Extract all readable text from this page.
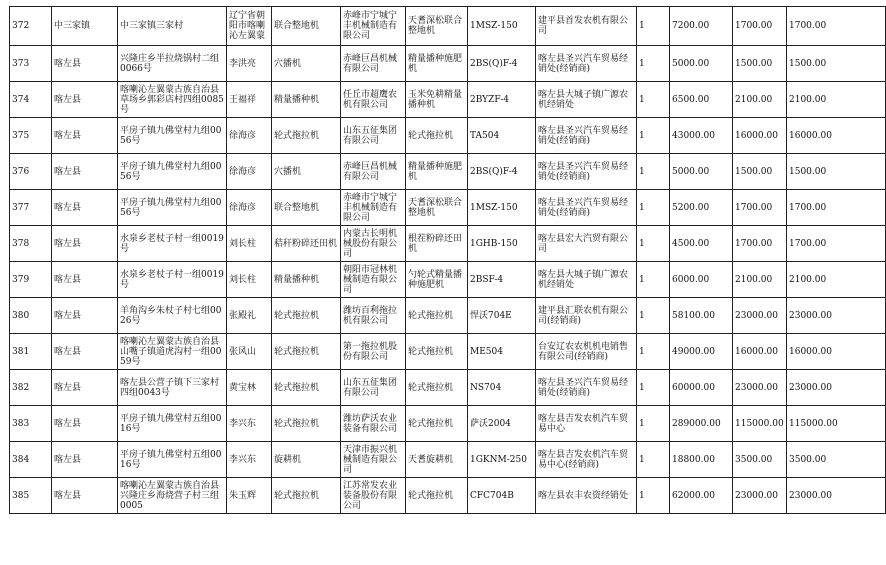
372	中三家镇	中三家镇三家村	辽宁省朝阳市喀喇沁左翼蒙	联合整地机	赤峰市宁城宁丰机械制造有限公司	天耆深松联合整地机	1MSZ-150	建平县首发农机有限公司	1	7200.00	1700.00	1700.00
373	喀左县	兴隆庄乡半拉烧锅村二组0066号	李洪亮	穴播机	赤峰巨昌机械有限公司	精量播种施肥机	2BS(Q)F-4	喀左县圣兴汽车贸易经销处(经销商)	1	5000.00	1500.00	1500.00
374	喀左县	喀喇沁左翼蒙古族自治县草场乡郭彩店村四组0085号	王福祥	精量播种机	任丘市超鹰农机有限公司	玉米免耕精量播种机	2BYZF-4	喀左县大城子镇广源农机经销处	1	6500.00	2100.00	2100.00
375	喀左县	平房子镇九佛堂村九组0056号	徐海彦	轮式拖拉机	山东五征集团有限公司	轮式拖拉机	TA504	喀左县圣兴汽车贸易经销处(经销商)	1	43000.00	16000.00	16000.00
376	喀左县	平房子镇九佛堂村九组0056号	徐海彦	穴播机	赤峰巨昌机械有限公司	精量播种施肥机	2BS(Q)F-4	喀左县圣兴汽车贸易经销处(经销商)	1	5000.00	1500.00	1500.00
377	喀左县	平房子镇九佛堂村九组0056号	徐海彦	联合整地机	赤峰市宁城宁丰机械制造有限公司	天耆深松联合整地机	1MSZ-150	喀左县圣兴汽车贸易经销处(经销商)	1	5200.00	1700.00	1700.00
378	喀左县	水泉乡老杖子村一组0019号	刘长柱	秸秆粉碎还田机	内蒙古长明机械股份有限公司	根茬粉碎还田机	1GHB-150	喀左县宏大汽贸有限公司	1	4500.00	1700.00	1700.00
379	喀左县	水泉乡老杖子村一组0019号	刘长柱	精量播种机	朝阳市冠林机械制造有限公司	勺轮式精量播种施肥机	2BSF-4	喀左县大城子镇广源农机经销处	1	6000.00	2100.00	2100.00
380	喀左县	羊角沟乡朱杖子村七组0026号	张殿礼	轮式拖拉机	潍坊百利拖拉机有限公司	轮式拖拉机	悍沃704E	建平县汇联农机有限公司(经销商)	1	58100.00	23000.00	23000.00
381	喀左县	喀喇沁左翼蒙古族自治县山嘴子镇道虎沟村一组0059号	张风山	轮式拖拉机	第一拖拉机股份有限公司	轮式拖拉机	ME504	台安辽农农机机电销售有限公司(经销商)	1	49000.00	16000.00	16000.00
382	喀左县	喀左县公营子镇下三家村四组0043号	黄宝林	轮式拖拉机	山东五征集团有限公司	轮式拖拉机	NS704	喀左县圣兴汽车贸易经销处(经销商)	1	60000.00	23000.00	23000.00
383	喀左县	平房子镇九佛堂村五组0016号	李兴东	轮式拖拉机	潍坊萨沃农业装备有限公司	轮式拖拉机	萨沃2004	喀左县吉发农机汽车贸易中心	1	289000.00	115000.00	115000.00
384	喀左县	平房子镇九佛堂村五组0016号	李兴东	旋耕机	天津市振兴机械制造有限公司	天耆旋耕机	1GKNM-250	喀左县吉发农机汽车贸易中心(经销商)	1	18800.00	3500.00	3500.00
385	喀左县	喀喇沁左翼蒙古族自治县兴隆庄乡海烧营子村三组0005	朱玉辉	轮式拖拉机	江苏常发农业装备股份有限公司	轮式拖拉机	CFC704B	喀左县农丰农资经销处	1	62000.00	23000.00	23000.00
